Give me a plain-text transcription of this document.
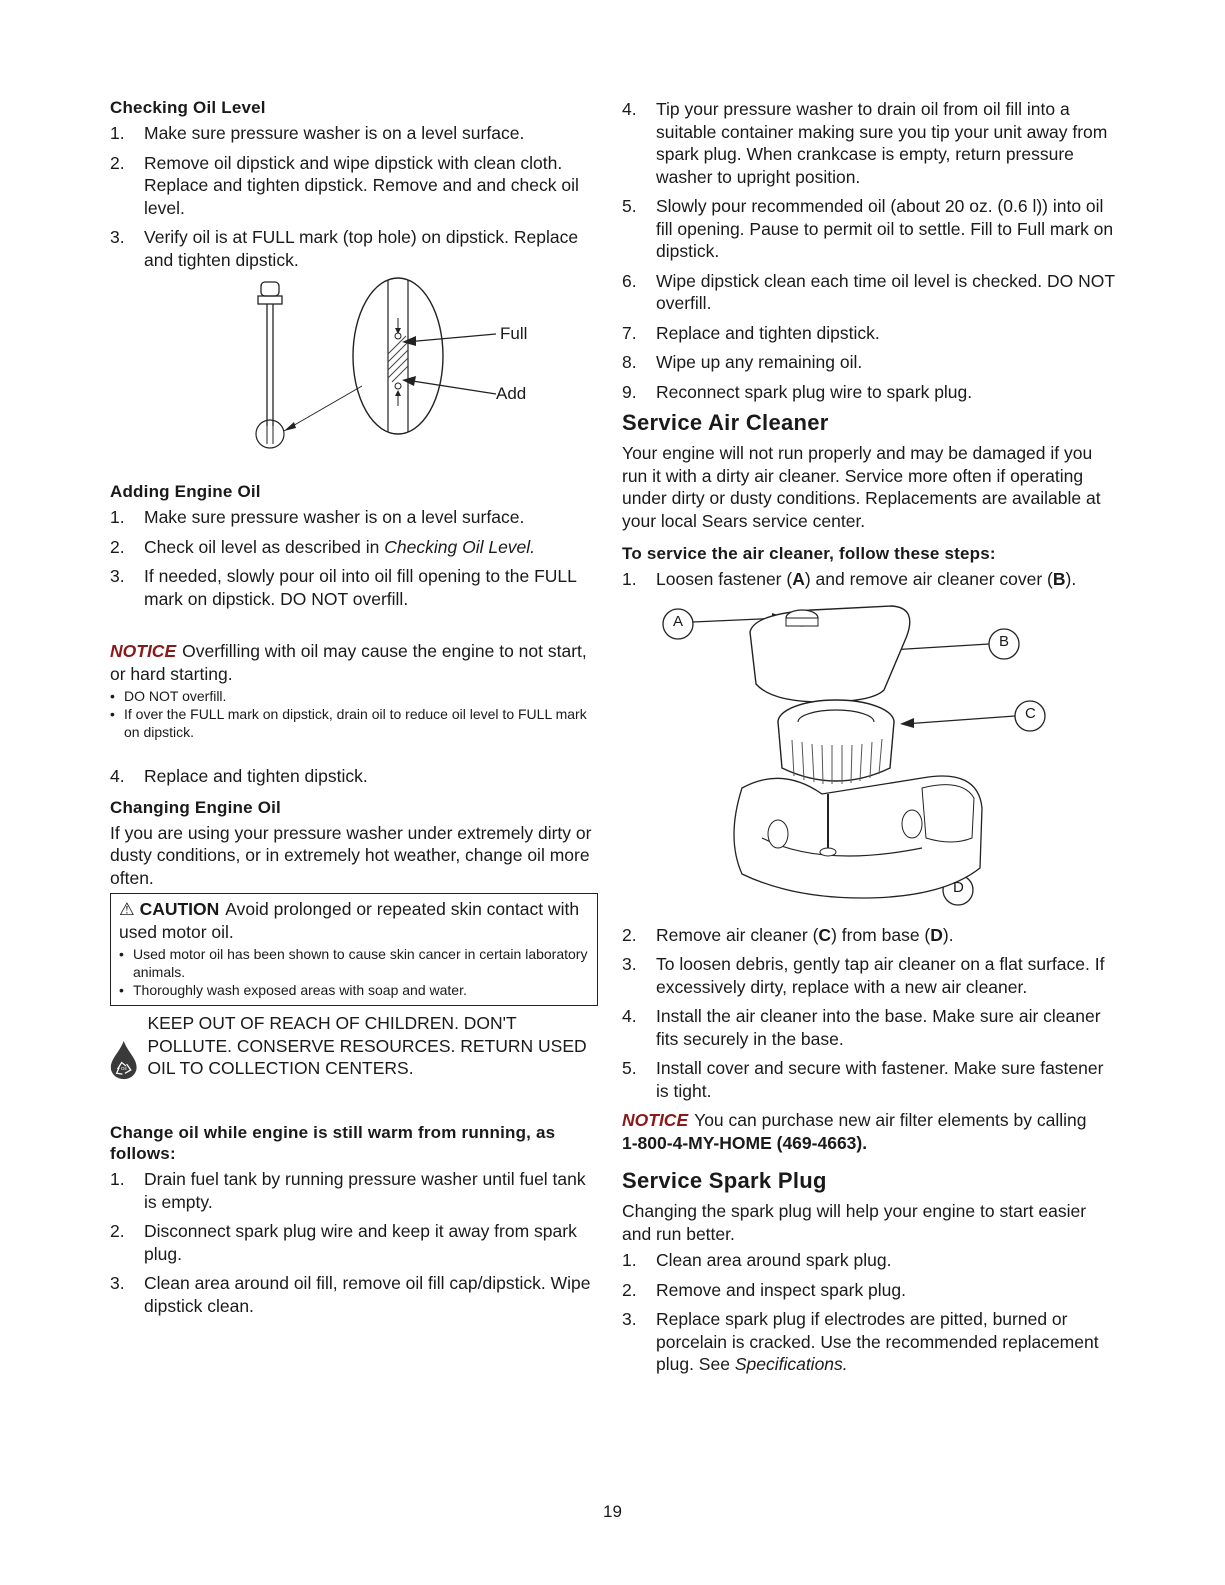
Checking Oil Level
1. Make sure pressure washer is on a level surface.
2. Remove oil dipstick and wipe dipstick with clean cloth. Replace and tighten dipstick. Remove and and check oil level.
3. Verify oil is at FULL mark (top hole) on dipstick. Replace and tighten dipstick.
Full
Add
Adding Engine Oil
1. Make sure pressure washer is on a level surface.
2. Check oil level as described in Checking Oil Level.
3. If needed, slowly pour oil into oil fill opening to the FULL mark on dipstick. DO NOT overfill.
NOTICE Overfilling with oil may cause the engine to not start, or hard starting.
• DO NOT overfill.
• If over the FULL mark on dipstick, drain oil to reduce oil level to FULL mark on dipstick.
4. Replace and tighten dipstick.
Changing Engine Oil

If you are using your pressure washer under extremely dirty or dusty conditions, or in extremely hot weather, change oil more often.

⚠ CAUTION Avoid prolonged or repeated skin contact with used motor oil.
• Used motor oil has been shown to cause skin cancer in certain laboratory animals.
• Thoroughly wash exposed areas with soap and water.
Oil
KEEP OUT OF REACH OF CHILDREN. DON'T POLLUTE. CONSERVE RESOURCES. RETURN USED OIL TO COLLECTION CENTERS.
Change oil while engine is still warm from running, as follows:
1. Drain fuel tank by running pressure washer until fuel tank is empty.
2. Disconnect spark plug wire and keep it away from spark plug.
3. Clean area around oil fill, remove oil fill cap/dipstick. Wipe dipstick clean.
4. Tip your pressure washer to drain oil from oil fill into a suitable container making sure you tip your unit away from spark plug. When crankcase is empty, return pressure washer to upright position.
5. Slowly pour recommended oil (about 20 oz. (0.6 l)) into oil fill opening. Pause to permit oil to settle. Fill to Full mark on dipstick.
6. Wipe dipstick clean each time oil level is checked. DO NOT overfill.
7. Replace and tighten dipstick.
8. Wipe up any remaining oil.
9. Reconnect spark plug wire to spark plug.
Service Air Cleaner

Your engine will not run properly and may be damaged if you run it with a dirty air cleaner. Service more often if operating under dirty or dusty conditions. Replacements are available at your local Sears service center.

To service the air cleaner, follow these steps:
1. Loosen fastener (A) and remove air cleaner cover (B).
A
B
C
D
2. Remove air cleaner (C) from base (D).
3. To loosen debris, gently tap air cleaner on a flat surface. If excessively dirty, replace with a new air cleaner.
4. Install the air cleaner into the base. Make sure air cleaner fits securely in the base.
5. Install cover and secure with fastener. Make sure fastener is tight.
NOTICE You can purchase new air filter elements by calling
1-800-4-MY-HOME (469-4663).
Service Spark Plug

Changing the spark plug will help your engine to start easier and run better.

1. Clean area around spark plug.
2. Remove and inspect spark plug.
3. Replace spark plug if electrodes are pitted, burned or porcelain is cracked. Use the recommended replacement plug. See Specifications.
19
